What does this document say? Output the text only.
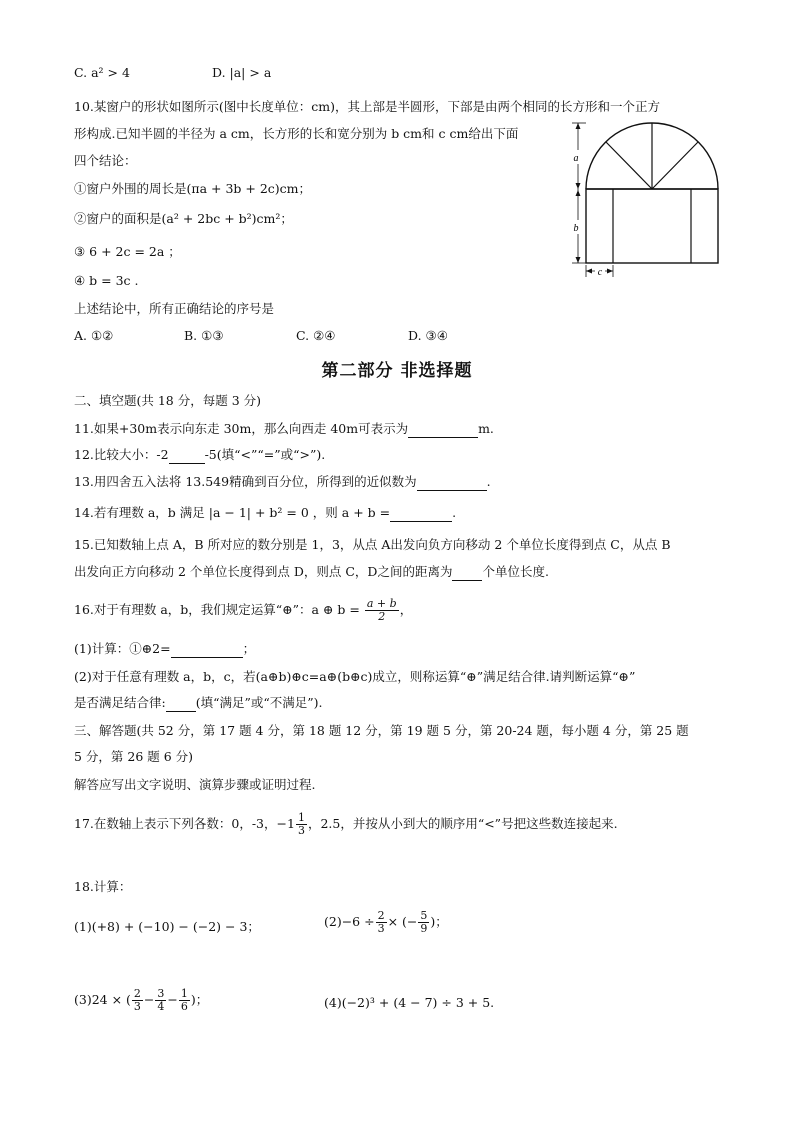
C. a² > 4	D. |a| > a
10.某窗户的形状如图所示(图中长度单位：cm)，其上部是半圆形，下部是由两个相同的长方形和一个正方
形构成.已知半圆的半径为 a cm，长方形的长和宽分别为 b cm和 c cm给出下面
四个结论：
①窗户外围的周长是(πa + 3b + 2c)cm；
②窗户的面积是(a² + 2bc + b²)cm²；
③ 6 + 2c = 2a ；
④ b = 3c .
上述结论中，所有正确结论的序号是
A. ①②	B. ①③	C. ②④	D. ③④
c
a
b
第二部分 非选择题
二、填空题(共 18 分，每题 3 分)
11.如果+30m表示向东走 30m，那么向西走 40m可表示为	m.
12.比较大小：-2	-5(填“<”“=”或“>”).
13.用四舍五入法将 13.549精确到百分位，所得到的近似数为	.
14.若有理数 a，b 满足 |a − 1| + b² = 0 ，则 a + b =	.
15.已知数轴上点 A，B 所对应的数分别是 1，3，从点 A出发向负方向移动 2 个单位长度得到点 C，从点 B
出发向正方向移动 2 个单位长度得到点 D，则点 C，D之间的距离为 个单位长度.
16.对于有理数 a，b，我们规定运算“⊕”：a ⊕ $b = \frac{a + b}{2}$ ，
(1)计算：①⊕2=	；
(2)对于任意有理数 a，b，c，若(a⊕b)⊕c=a⊕(b⊕c)成立，则称运算“⊕”满足结合律.请判断运算“⊕”
是否满足结合律: (填“满足”或“不满足”).
三、解答题(共 52 分，第 17 题 4 分，第 18 题 12 分，第 19 题 5 分，第 20-24 题，每小题 4 分，第 25 题
5 分，第 26 题 6 分)
解答应写出文字说明、演算步骤或证明过程.
17.在数轴上表示下列各数：0，-3，$-1 \frac{1}{3}$ ，2.5，并按从小到大的顺序用“<”号把这些数连接起来.
18.计算：
(1)(+8) + (−10) − (−2) − 3；	$(2)-6 \div \frac{2}{3}$ × (− $\frac{5}{9}$ )；
(3)24 × ( $\frac{2}{3} - \frac{3}{4} - \frac{1}{6}$ )；	(4)(−2)³ + (4 − 7) ÷ 3 + 5.
